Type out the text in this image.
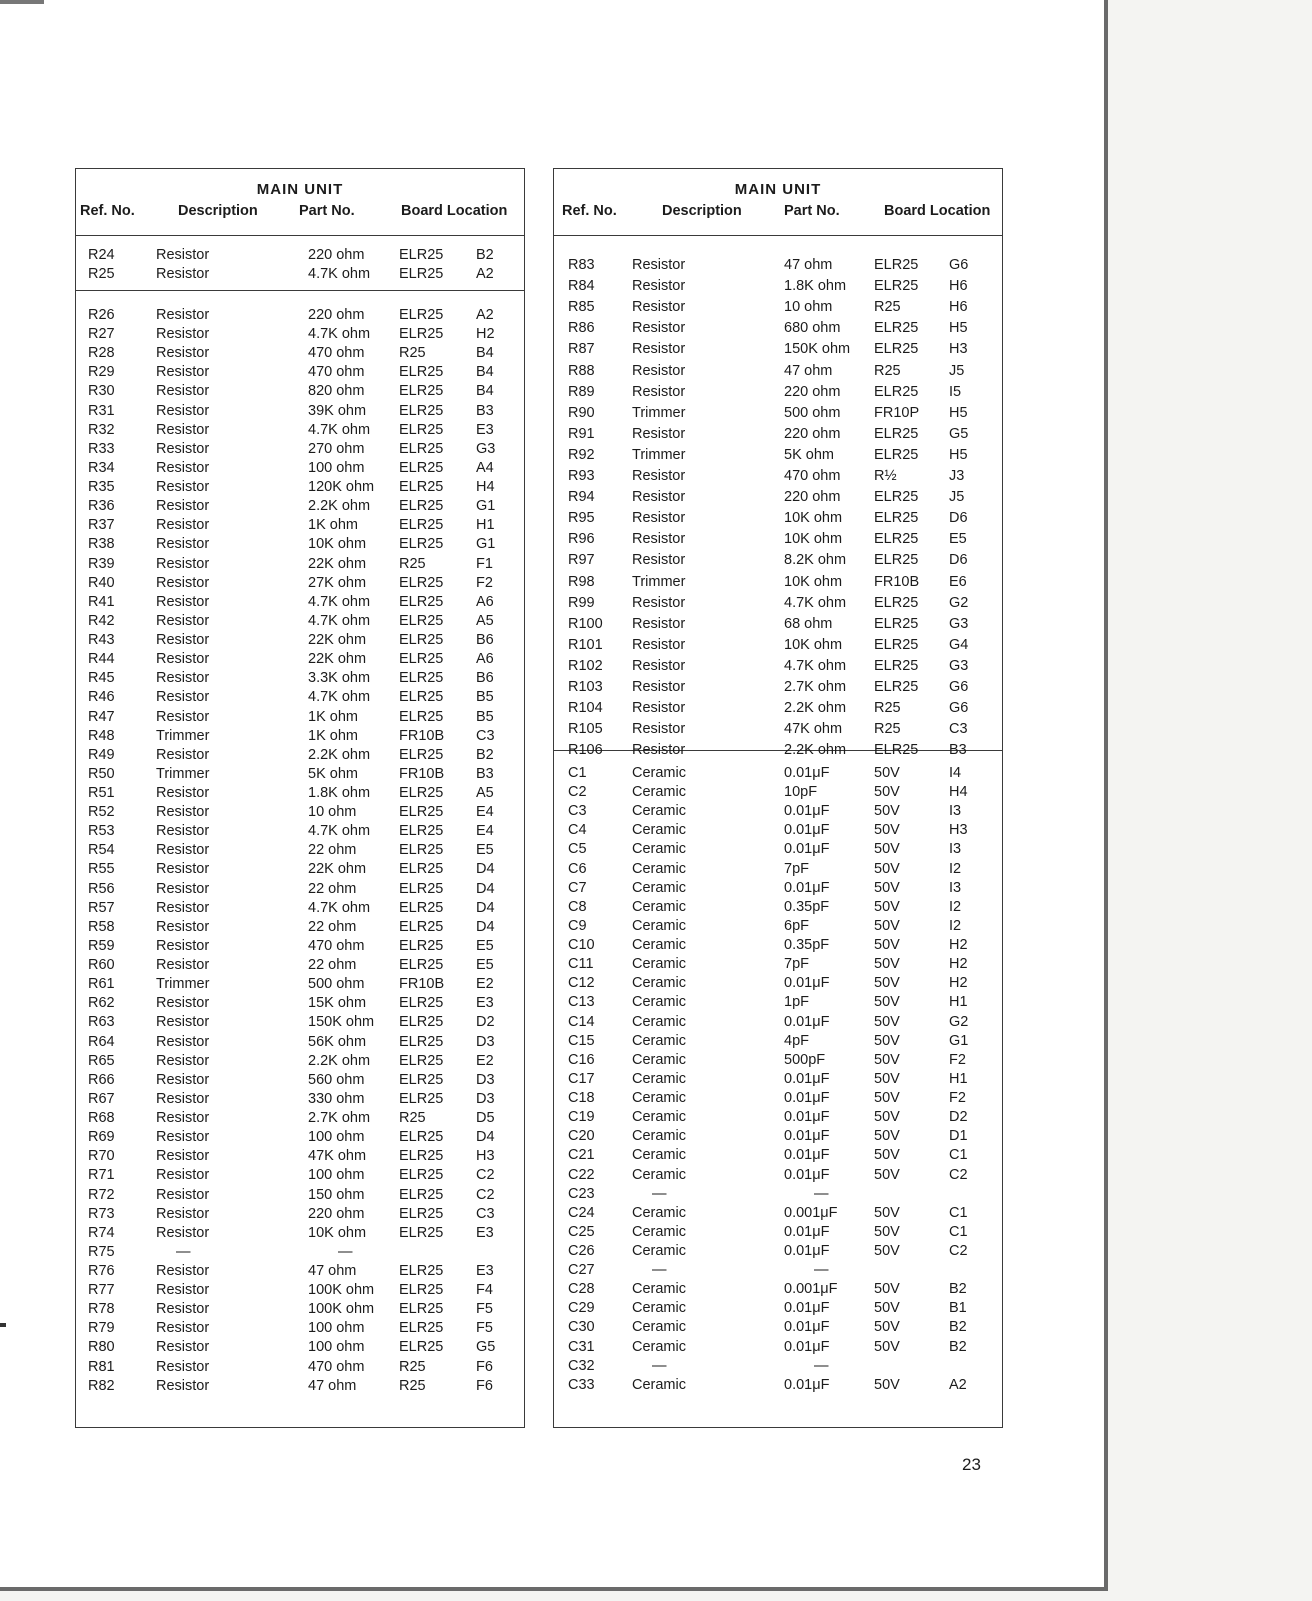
MAIN UNIT
Ref. No.	Description	Part No.	Board Location
R24	Resistor	220 ohm ELR25 B2
R25	Resistor	4.7K ohm ELR25 A2
R26	Resistor	220 ohm ELR25 A2
R27	Resistor	4.7K ohm ELR25 H2
R28	Resistor	470 ohm R25	B4
R29	Resistor	470 ohm ELR25 B4
R30	Resistor	820 ohm ELR25 B4
R31	Resistor	39K ohm ELR25 B3
R32	Resistor	4.7K ohm ELR25 E3
R33	Resistor	270 ohm ELR25 G3
R34	Resistor	100 ohm ELR25 A4
R35	Resistor	120K ohm ELR25 H4
R36	Resistor	2.2K ohm ELR25 G1
R37	Resistor	1K ohm	ELR25 H1
R38	Resistor	10K ohm ELR25 G1
R39	Resistor	22K ohm R25	F1
R40	Resistor	27K ohm ELR25 F2
R41	Resistor	4.7K ohm ELR25 A6
R42	Resistor	4.7K ohm ELR25 A5
R43	Resistor	22K ohm ELR25 B6
R44	Resistor	22K ohm ELR25 A6
R45	Resistor	3.3K ohm ELR25 B6
R46	Resistor	4.7K ohm ELR25 B5
R47	Resistor	1K ohm	ELR25 B5
R48	Trimmer	1K ohm	FR10B C3
R49	Resistor	2.2K ohm ELR25 B2
R50	Trimmer	5K ohm	FR10B B3
R51	Resistor	1.8K ohm ELR25 A5
R52	Resistor	10 ohm	ELR25 E4
R53	Resistor	4.7K ohm ELR25 E4
R54	Resistor	22 ohm	ELR25 E5
R55	Resistor	22K ohm ELR25 D4
R56	Resistor	22 ohm	ELR25 D4
R57	Resistor	4.7K ohm ELR25 D4
R58	Resistor	22 ohm	ELR25 D4
R59	Resistor	470 ohm ELR25 E5
R60	Resistor	22 ohm	ELR25 E5
R61	Trimmer	500 ohm FR10B E2
R62	Resistor	15K ohm ELR25 E3
R63	Resistor	150K ohm ELR25 D2
R64	Resistor	56K ohm ELR25 D3
R65	Resistor	2.2K ohm ELR25 E2
R66	Resistor	560 ohm ELR25 D3
R67	Resistor	330 ohm ELR25 D3
R68	Resistor	2.7K ohm R25	D5
R69	Resistor	100 ohm ELR25 D4
R70	Resistor	47K ohm ELR25 H3
R71	Resistor	100 ohm ELR25 C2
R72	Resistor	150 ohm ELR25 C2
R73	Resistor	220 ohm ELR25 C3
R74	Resistor	10K ohm ELR25 E3
R75	—	—
R76	Resistor	47 ohm	ELR25 E3
R77	Resistor	100K ohm ELR25 F4
R78	Resistor	100K ohm ELR25 F5
R79	Resistor	100 ohm ELR25 F5
R80	Resistor	100 ohm ELR25 G5
R81	Resistor	470 ohm R25	F6
R82	Resistor	47 ohm	R25	F6
MAIN UNIT
Ref. No.	Description	Part No.	Board Location
R83	Resistor	47 ohm	ELR25 G6
R84	Resistor	1.8K ohm ELR25 H6
R85	Resistor	10 ohm	R25	H6
R86	Resistor	680 ohm ELR25 H5
R87	Resistor	150K ohm ELR25 H3
R88	Resistor	47 ohm	R25	J5
R89	Resistor	220 ohm ELR25 I5
R90	Trimmer	500 ohm FR10P H5
R91	Resistor	220 ohm ELR25 G5
R92	Trimmer	5K ohm	ELR25 H5
R93	Resistor	470 ohm R½	J3
R94	Resistor	220 ohm ELR25 J5
R95	Resistor	10K ohm ELR25 D6
R96	Resistor	10K ohm ELR25 E5
R97	Resistor	8.2K ohm ELR25 D6
R98	Trimmer	10K ohm FR10B E6
R99	Resistor	4.7K ohm ELR25 G2
R100 Resistor	68 ohm	ELR25 G3
R101 Resistor	10K ohm ELR25 G4
R102 Resistor	4.7K ohm ELR25 G3
R103 Resistor	2.7K ohm ELR25 G6
R104 Resistor	2.2K ohm R25	G6
R105 Resistor	47K ohm R25	C3
R106 Resistor	2.2K ohm ELR25 B3
C1	Ceramic	0.01μF	50V	I4
C2	Ceramic	10pF	50V	H4
C3	Ceramic	0.01μF	50V	I3
C4	Ceramic	0.01μF	50V	H3
C5	Ceramic	0.01μF	50V	I3
C6	Ceramic	7pF	50V	I2
C7	Ceramic	0.01μF	50V	I3
C8	Ceramic	0.35pF	50V	I2
C9	Ceramic	6pF	50V	I2
C10	Ceramic	0.35pF	50V	H2
C11	Ceramic	7pF	50V	H2
C12	Ceramic	0.01μF	50V	H2
C13	Ceramic	1pF	50V	H1
C14	Ceramic	0.01μF	50V	G2
C15	Ceramic	4pF	50V	G1
C16	Ceramic	500pF	50V	F2
C17	Ceramic	0.01μF	50V	H1
C18	Ceramic	0.01μF	50V	F2
C19	Ceramic	0.01μF	50V	D2
C20	Ceramic	0.01μF	50V	D1
C21	Ceramic	0.01μF	50V	C1
C22	Ceramic	0.01μF	50V	C2
C23	—	—
C24	Ceramic	0.001μF	50V	C1
C25	Ceramic	0.01μF	50V	C1
C26	Ceramic	0.01μF	50V	C2
C27	—	—
C28	Ceramic	0.001μF	50V	B2
C29	Ceramic	0.01μF	50V	B1
C30	Ceramic	0.01μF	50V	B2
C31	Ceramic	0.01μF	50V	B2
C32	—	—
C33	Ceramic	0.01μF	50V	A2
23
